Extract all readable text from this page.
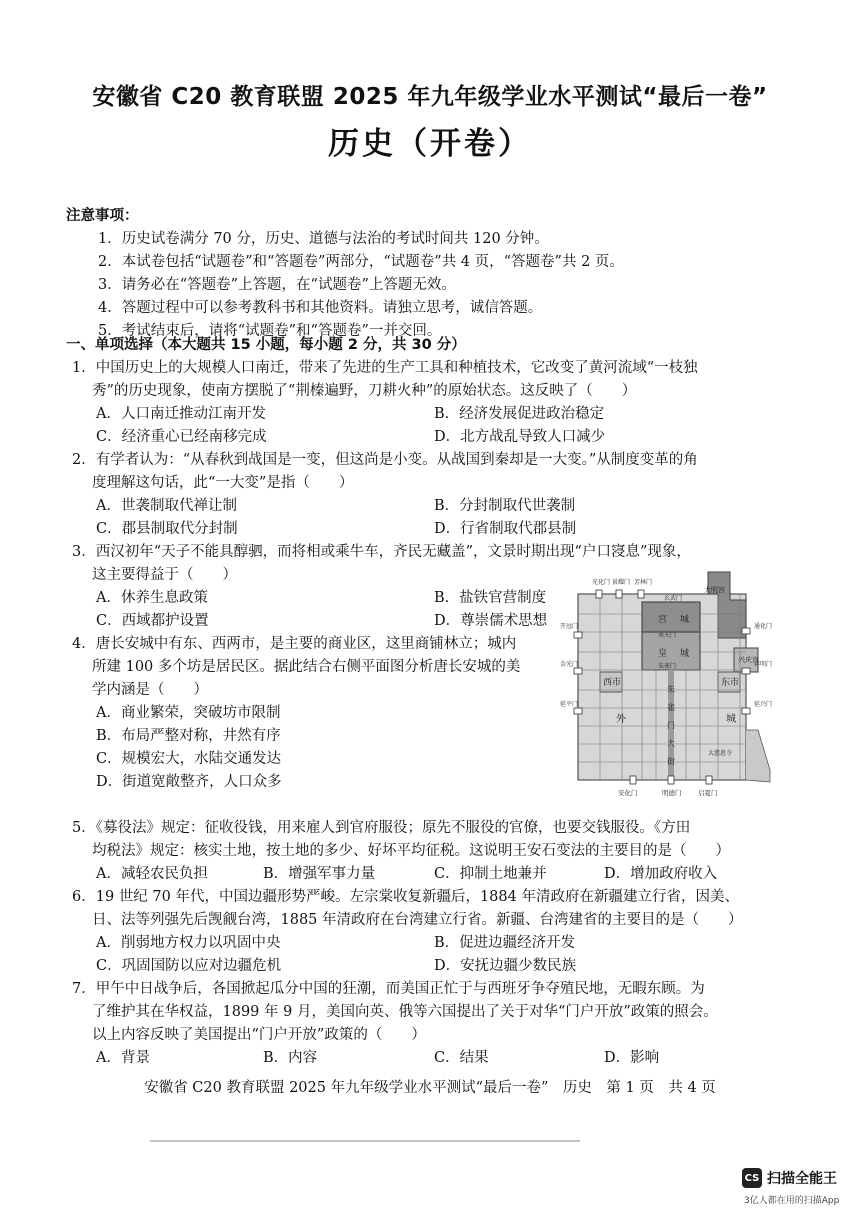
安徽省 C20 教育联盟 2025 年九年级学业水平测试“最后一卷”
历史（开卷）
注意事项：
1．历史试卷满分 70 分，历史、道德与法治的考试时间共 120 分钟。
2．本试卷包括“试题卷”和“答题卷”两部分，“试题卷”共 4 页，“答题卷”共 2 页。
3．请务必在“答题卷”上答题，在“试题卷”上答题无效。
4．答题过程中可以参考教科书和其他资料。请独立思考，诚信答题。
5．考试结束后，请将“试题卷”和“答题卷”一并交回。
一、单项选择（本大题共 15 小题，每小题 2 分，共 30 分）
1．中国历史上的大规模人口南迁，带来了先进的生产工具和种植技术，它改变了黄河流域“一枝独
秀”的历史现象，使南方摆脱了“荆榛遍野，刀耕火种”的原始状态。这反映了（　　）
A．人口南迁推动江南开发	B．经济发展促进政治稳定
C．经济重心已经南移完成	D．北方战乱导致人口减少
2．有学者认为：“从春秋到战国是一变，但这尚是小变。从战国到秦却是一大变。”从制度变革的角
度理解这句话，此“一大变”是指（　　）
A．世袭制取代禅让制	B．分封制取代世袭制
C．郡县制取代分封制	D．行省制取代郡县制
3．西汉初年“天子不能具醇驷，而将相或乘牛车，齐民无藏盖”，文景时期出现“户口寖息”现象，
这主要得益于（　　）
A．休养生息政策	B．盐铁官营制度
C．西域都护设置	D．尊崇儒术思想
4．唐长安城中有东、西两市，是主要的商业区，这里商铺林立；城内
所建 100 多个坊是居民区。据此结合右侧平面图分析唐长安城的美
学内涵是（　　）
A．商业繁荣，突破坊市限制
B．布局严整对称，井然有序
C．规模宏大，水陆交通发达
D．街道宽敞整齐，人口众多
5．《募役法》规定：征收役钱，用来雇人到官府服役；原先不服役的官僚，也要交钱服役。《方田
均税法》规定：核实土地，按土地的多少、好坏平均征税。这说明王安石变法的主要目的是（　　）
A．减轻农民负担	B．增强军事力量	C．抑制土地兼并	D．增加政府收入
6．19 世纪 70 年代，中国边疆形势严峻。左宗棠收复新疆后，1884 年清政府在新疆建立行省，因美、
日、法等列强先后觊觎台湾，1885 年清政府在台湾建立行省。新疆、台湾建省的主要目的是（　　）
A．削弱地方权力以巩固中央	B．促进边疆经济开发
C．巩固国防以应对边疆危机	D．安抚边疆少数民族
7．甲午中日战争后，各国掀起瓜分中国的狂潮，而美国正忙于与西班牙争夺殖民地，无暇东顾。为
了维护其在华权益，1899 年 9 月，美国向英、俄等六国提出了关于对华“门户开放”政策的照会。
以上内容反映了美国提出“门户开放”政策的（　　）
A．背景	B．内容	C．结果	D．影响
大明宫
兴庆宫
宫 城
皇 城
西市	东市
外	城
朱
雀
门
大
街
玄武门
承天门
朱雀门
明德门
安化门	启夏门
大慈恩寺
光化门 景耀门 芳林门
开远门
金光门
延平门
通化门
春明门
延兴门
安徽省 C20 教育联盟 2025 年九年级学业水平测试“最后一卷”　历史　第 1 页　共 4 页
CS 扫描全能王
3亿人都在用的扫描App
